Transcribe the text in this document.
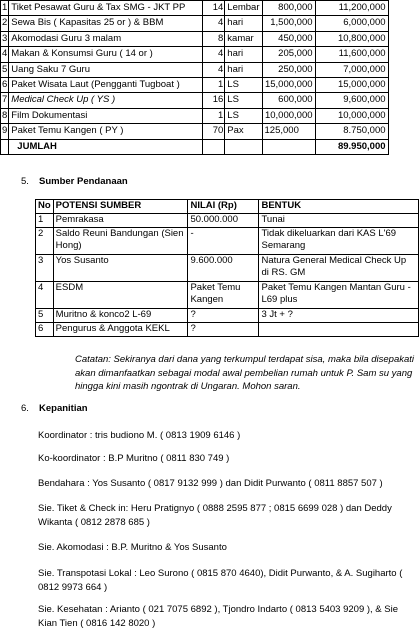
1	Tiket Pesawat Guru & Tax SMG - JKT PP	14	Lembar	800,000	11,200,000
2	Sewa Bis ( Kapasitas 25 or ) & BBM	4	hari	1,500,000	6,000,000
3	Akomodasi Guru 3 malam	8	kamar	450,000	10,800,000
4	Makan & Konsumsi Guru ( 14 or )	4	hari	205,000	11,600,000
5	Uang Saku 7 Guru	4	hari	250,000	7,000,000
6	Paket Wisata Laut (Pengganti Tugboat )	1	LS	15,000,000	15,000,000
7	Medical Check Up ( YS )	16	LS	600,000	9,600,000
8	Film Dokumentasi	1	LS	10,000,000	10,000,000
9	Paket Temu Kangen ( PY )	70	Pax	125,000	8.750,000
	JUMLAH				89.950,000
5. Sumber Pendanaan
No	POTENSI SUMBER	NILAI (Rp)	BENTUK
1	Pemrakasa	50.000.000	Tunai
2	Saldo Reuni Bandungan (Sien Hong)	-	Tidak dikeluarkan dari KAS L'69 Semarang
3	Yos Susanto	9.600.000	Natura General Medical Check Up di RS. GM
4	ESDM	Paket Temu Kangen	Paket Temu Kangen Mantan Guru - L69 plus
5	Muritno & konco2 L-69	?	3 Jt + ?
6	Pengurus & Anggota KEKL	?	
Catatan: Sekiranya dari dana yang terkumpul terdapat sisa, maka bila disepakati akan dimanfaatkan sebagai modal awal pembelian rumah untuk P. Sam su yang hingga kini masih ngontrak di Ungaran. Mohon saran.
6. Kepanitian

Koordinator : tris budiono M. ( 0813 1909 6146 )

Ko-koordinator : B.P Muritno ( 0811 830 749 )

Bendahara : Yos Susanto ( 0817 9132 999 ) dan Didit Purwanto ( 0811 8857 507 )

Sie. Tiket & Check in: Heru Pratignyo ( 0888 2595 877 ; 0815 6699 028 ) dan Deddy Wikanta ( 0812 2878 685 )

Sie. Akomodasi : B.P. Muritno & Yos Susanto

Sie. Transpotasi Lokal : Leo Surono ( 0815 870 4640), Didit Purwanto, & A. Sugiharto ( 0812 9973 664 )

Sie. Kesehatan : Arianto ( 021 7075 6892 ), Tjondro Indarto ( 0813 5403 9209 ), & Sie Kian Tien ( 0816 142 8020 )
